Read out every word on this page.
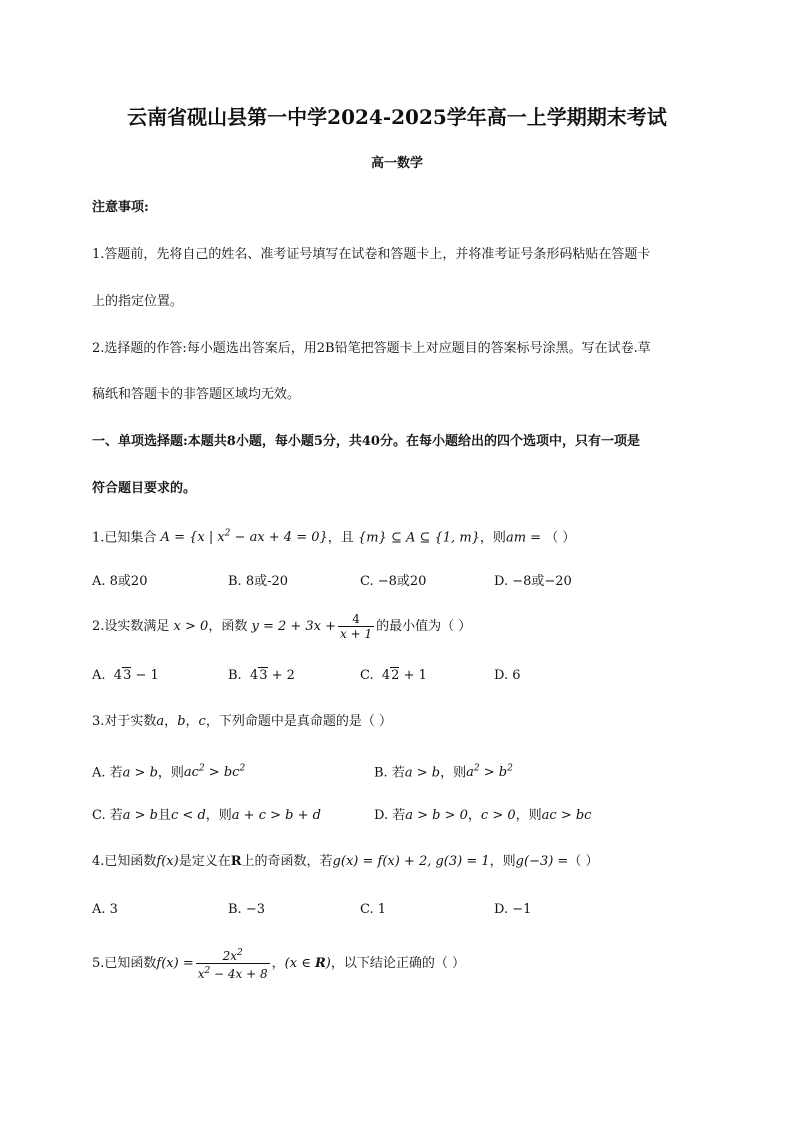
云南省砚山县第一中学2024-2025学年高一上学期期末考试
高一数学
注意事项:
1.答题前，先将自己的姓名、准考证号填写在试卷和答题卡上，并将准考证号条形码粘贴在答题卡
上的指定位置。
2.选择题的作答:每小题选出答案后，用2B铅笔把答题卡上对应题目的答案标号涂黑。写在试卷.草
稿纸和答题卡的非答题区域均无效。
一、单项选择题:本题共8小题，每小题5分，共40分。在每小题给出的四个选项中，只有一项是
符合题目要求的。
1.已知集合 A = {x | $x^2$ − ax + 4 = 0}，且 {m} ⊆ A ⊆ {1, m}，则am = （ ）
A. 8或20	B. 8或-20	C. −8或20	D. −8或−20
2.设实数满足 x > 0，函数 $y = 2 + 3x + \frac{4}{x + 1}$ 的最小值为（ ）
A.  43 − 1	B.  43 + 2	C.  42 + 1	D. 6
3.对于实数a，b，c，下列命题中是真命题的是（ ）
A. 若a > b，则$ac^2 > bc^2$	B. 若a > b，则$a^2 > b^2$
C. 若a > b且c < d，则a + c > b + d	D. 若a > b > 0，c > 0，则ac > bc
4.已知函数f(x)是定义在R上的奇函数，若g(x) = f(x) + 2, g(3) = 1，则g(−3) =（ ）
A. 3	B. −3	C. 1	D. −1
5.已知函数$f(x) = \frac{2x^2}{x^2 - 4x + 8}$ ，(x ∈ R)，以下结论正确的（ ）
